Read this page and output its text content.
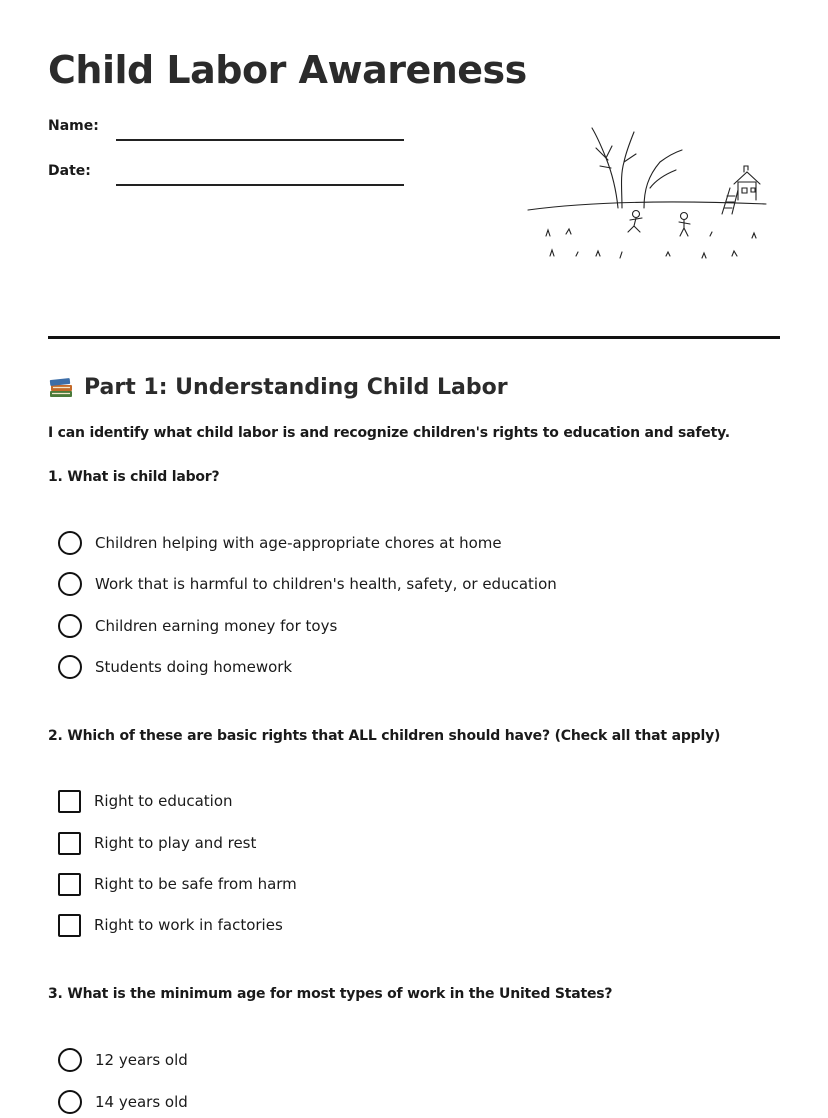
Child Labor Awareness
Name:
Date:
Part 1: Understanding Child Labor
I can identify what child labor is and recognize children's rights to education and safety.
1. What is child labor?
Children helping with age-appropriate chores at home
Work that is harmful to children's health, safety, or education
Children earning money for toys
Students doing homework
2. Which of these are basic rights that ALL children should have? (Check all that apply)
Right to education
Right to play and rest
Right to be safe from harm
Right to work in factories
3. What is the minimum age for most types of work in the United States?
12 years old
14 years old
